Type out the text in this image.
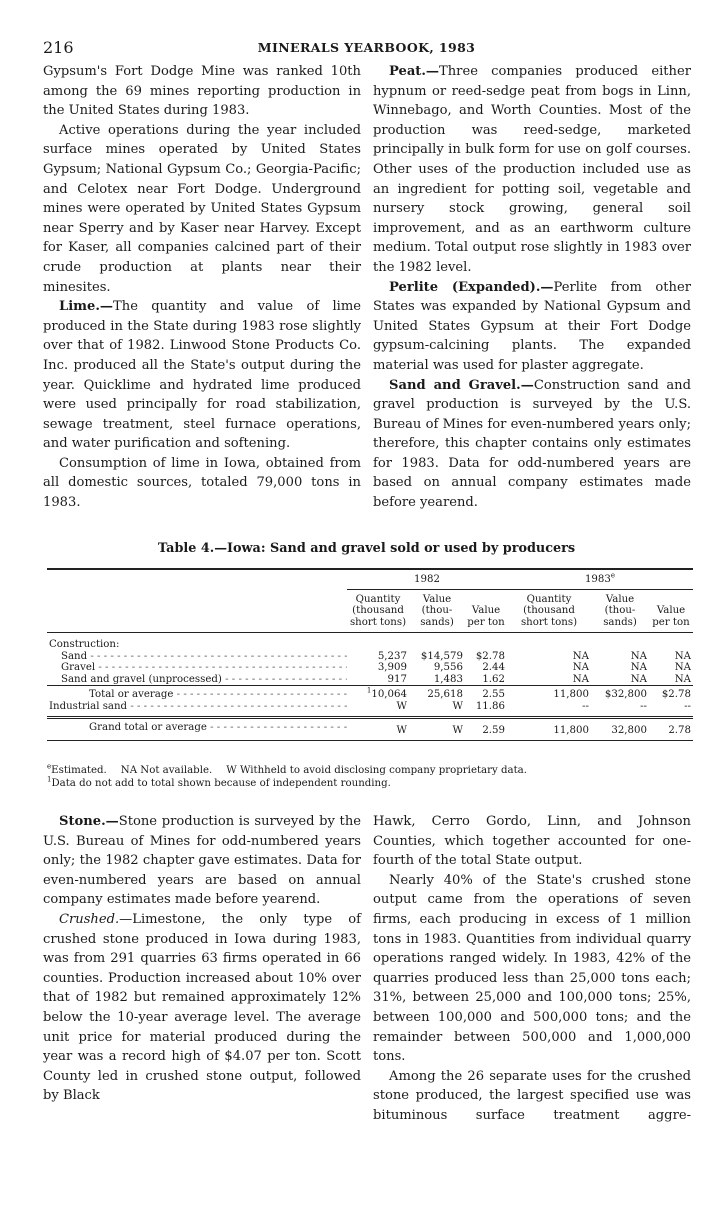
216	MINERALS YEARBOOK, 1983

Gypsum's Fort Dodge Mine was ranked 10th among the 69 mines reporting production in the United States during 1983.

Active operations during the year included surface mines operated by United States Gypsum; National Gypsum Co.; Georgia-Pacific; and Celotex near Fort Dodge. Underground mines were operated by United States Gypsum near Sperry and by Kaser near Harvey. Except for Kaser, all companies calcined part of their crude production at plants near their minesites.

Lime.—The quantity and value of lime produced in the State during 1983 rose slightly over that of 1982. Linwood Stone Products Co. Inc. produced all the State's output during the year. Quicklime and hydrated lime produced were used principally for road stabilization, sewage treatment, steel furnace operations, and water purification and softening.

Consumption of lime in Iowa, obtained from all domestic sources, totaled 79,000 tons in 1983.

Peat.—Three companies produced either hypnum or reed-sedge peat from bogs in Linn, Winnebago, and Worth Counties. Most of the production was reed-sedge, marketed principally in bulk form for use on golf courses. Other uses of the production included use as an ingredient for potting soil, vegetable and nursery stock growing, general soil improvement, and as an earthworm culture medium. Total output rose slightly in 1983 over the 1982 level.

Perlite (Expanded).—Perlite from other States was expanded by National Gypsum and United States Gypsum at their Fort Dodge gypsum-calcining plants. The expanded material was used for plaster aggregate.

Sand and Gravel.—Construction sand and gravel production is surveyed by the U.S. Bureau of Mines for even-numbered years only; therefore, this chapter contains only estimates for 1983. Data for odd-numbered years are based on annual company estimates made before yearend.

Table 4.—Iowa: Sand and gravel sold or used by producers

	1982			1983e
	Quantity (thousand short tons)	Value (thou- sands)	Value per ton	Quantity (thousand short tons)	Value (thou- sands)	Value per ton

Construction:						
Sand ‐ ‐ ‐ ‐ ‐ ‐ ‐ ‐ ‐ ‐ ‐ ‐ ‐ ‐ ‐ ‐ ‐ ‐ ‐ ‐ ‐ ‐ ‐ ‐ ‐ ‐ ‐ ‐ ‐ ‐ ‐ ‐ ‐ ‐ ‐ ‐ ‐ ‐ ‐ ‐	5,237	$14,579	$2.78	NA	NA	NA
Gravel ‐ ‐ ‐ ‐ ‐ ‐ ‐ ‐ ‐ ‐ ‐ ‐ ‐ ‐ ‐ ‐ ‐ ‐ ‐ ‐ ‐ ‐ ‐ ‐ ‐ ‐ ‐ ‐ ‐ ‐ ‐ ‐ ‐ ‐ ‐ ‐ ‐ ‐ ‐ ‐	3,909	9,556	2.44	NA	NA	NA
Sand and gravel (unprocessed) ‐ ‐ ‐ ‐ ‐ ‐ ‐ ‐ ‐ ‐ ‐ ‐ ‐ ‐ ‐ ‐ ‐ ‐ ‐ ‐ ‐ ‐ ‐ ‐ ‐ ‐ ‐ ‐ ‐ ‐ ‐ ‐ ‐ ‐ ‐ ‐ ‐ ‐ ‐ ‐	917	1,483	1.62	NA	NA	NA

Total or average ‐ ‐ ‐ ‐ ‐ ‐ ‐ ‐ ‐ ‐ ‐ ‐ ‐ ‐ ‐ ‐ ‐ ‐ ‐ ‐ ‐ ‐ ‐ ‐ ‐ ‐ ‐ ‐ ‐ ‐ ‐ ‐ ‐ ‐ ‐ ‐ ‐ ‐ ‐ ‐	$^1$10,064	25,618	2.55	11,800	$32,800	$2.78
Industrial sand ‐ ‐ ‐ ‐ ‐ ‐ ‐ ‐ ‐ ‐ ‐ ‐ ‐ ‐ ‐ ‐ ‐ ‐ ‐ ‐ ‐ ‐ ‐ ‐ ‐ ‐ ‐ ‐ ‐ ‐ ‐ ‐ ‐ ‐ ‐ ‐ ‐ ‐ ‐ ‐	W	W	11.86	--	--	--

Grand total or average ‐ ‐ ‐ ‐ ‐ ‐ ‐ ‐ ‐ ‐ ‐ ‐ ‐ ‐ ‐ ‐ ‐ ‐ ‐ ‐ ‐ ‐ ‐ ‐ ‐ ‐ ‐ ‐ ‐ ‐ ‐ ‐ ‐ ‐ ‐ ‐ ‐ ‐ ‐ ‐	W	W	2.59	11,800	32,800	2.78

$^e$Estimated. NA Not available. W Withheld to avoid disclosing company proprietary data.
$^1$Data do not add to total shown because of independent rounding.

Stone.—Stone production is surveyed by the U.S. Bureau of Mines for odd-numbered years only; the 1982 chapter gave estimates. Data for even-numbered years are based on annual company estimates made before yearend.

Crushed.—Limestone, the only type of crushed stone produced in Iowa during 1983, was from 291 quarries 63 firms operated in 66 counties. Production increased about 10% over that of 1982 but remained approximately 12% below the 10-year average level. The average unit price for material produced during the year was a record high of $4.07 per ton. Scott County led in crushed stone output, followed by Black

Hawk, Cerro Gordo, Linn, and Johnson Counties, which together accounted for one-fourth of the total State output.

Nearly 40% of the State's crushed stone output came from the operations of seven firms, each producing in excess of 1 million tons in 1983. Quantities from individual quarry operations ranged widely. In 1983, 42% of the quarries produced less than 25,000 tons each; 31%, between 25,000 and 100,000 tons; 25%, between 100,000 and 500,000 tons; and the remainder between 500,000 and 1,000,000 tons.

Among the 26 separate uses for the crushed stone produced, the largest specified use was bituminous surface treatment aggre-
